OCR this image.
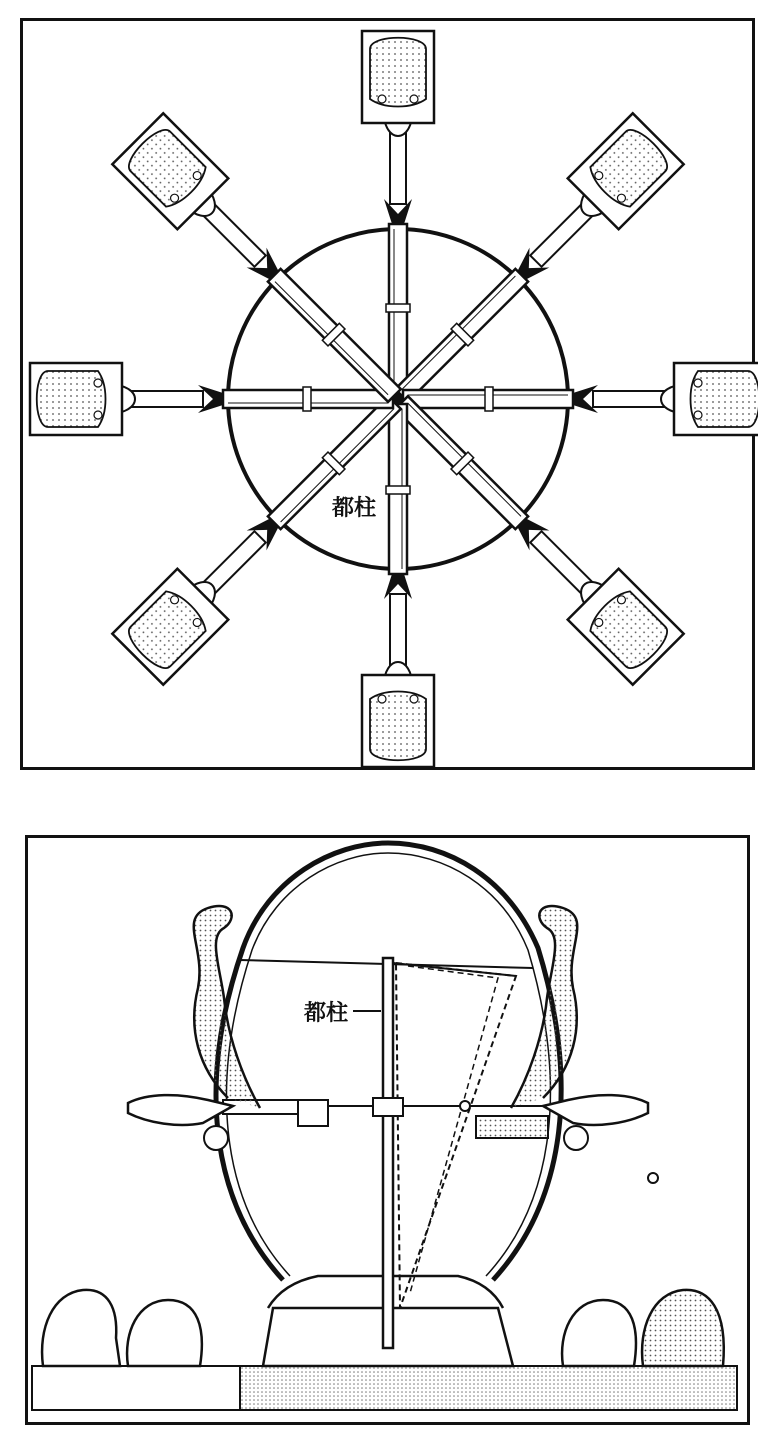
都柱
都柱
